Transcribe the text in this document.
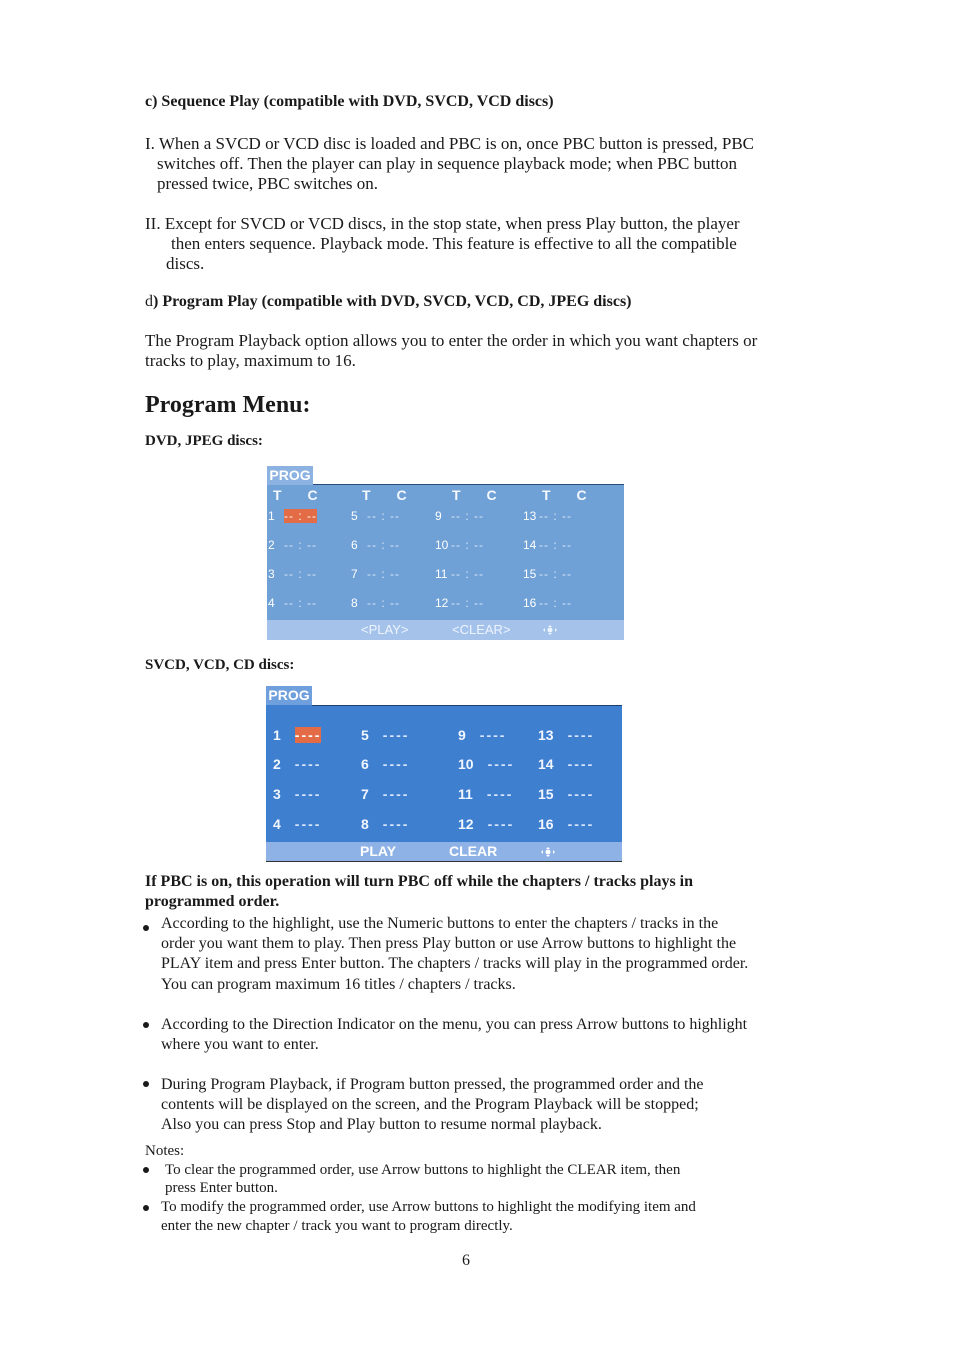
c) Sequence Play (compatible with DVD, SVCD, VCD discs)
I. When a SVCD or VCD disc is loaded and PBC is on, once PBC button is pressed, PBC
switches off. Then the player can play in sequence playback mode; when PBC button
pressed twice, PBC switches on.
II. Except for SVCD or VCD discs, in the stop state, when press Play button, the player
then enters sequence. Playback mode. This feature is effective to all the compatible
discs.
d) Program Play (compatible with DVD, SVCD, VCD, CD, JPEG discs)
The Program Playback option allows you to enter the order in which you want chapters or
tracks to play, maximum to 16.
Program Menu:
DVD, JPEG discs:
PROG
T C T C T C T C
1 -- : --	5 -- : --	9 -- : --	13 -- : --
2 -- : --	6 -- : --	10 -- : --	14 -- : --
3 -- : --	7 -- : --	11 -- : --	15 -- : --
4 -- : --	8 -- : --	12 -- : --	16 -- : --
<PLAY>	<CLEAR>
SVCD, VCD, CD discs:
PROG
1 ----	5 ----	9 ---- 13 ----
2 ----	6 ----	10 ---- 14 ----
3 ----	7 ----	11 ---- 15 ----
4 ----	8 ----	12 ---- 16 ----
PLAY	CLEAR
If PBC is on, this operation will turn PBC off while the chapters / tracks plays in
programmed order.
According to the highlight, use the Numeric buttons to enter the chapters / tracks in the
order you want them to play. Then press Play button or use Arrow buttons to highlight the
PLAY item and press Enter button. The chapters / tracks will play in the programmed order.
You can program maximum 16 titles / chapters / tracks.
According to the Direction Indicator on the menu, you can press Arrow buttons to highlight
where you want to enter.
During Program Playback, if Program button pressed, the programmed order and the
contents will be displayed on the screen, and the Program Playback will be stopped;
Also you can press Stop and Play button to resume normal playback.
Notes:
To clear the programmed order, use Arrow buttons to highlight the CLEAR item, then
press Enter button.
To modify the programmed order, use Arrow buttons to highlight the modifying item and
enter the new chapter / track you want to program directly.
6
